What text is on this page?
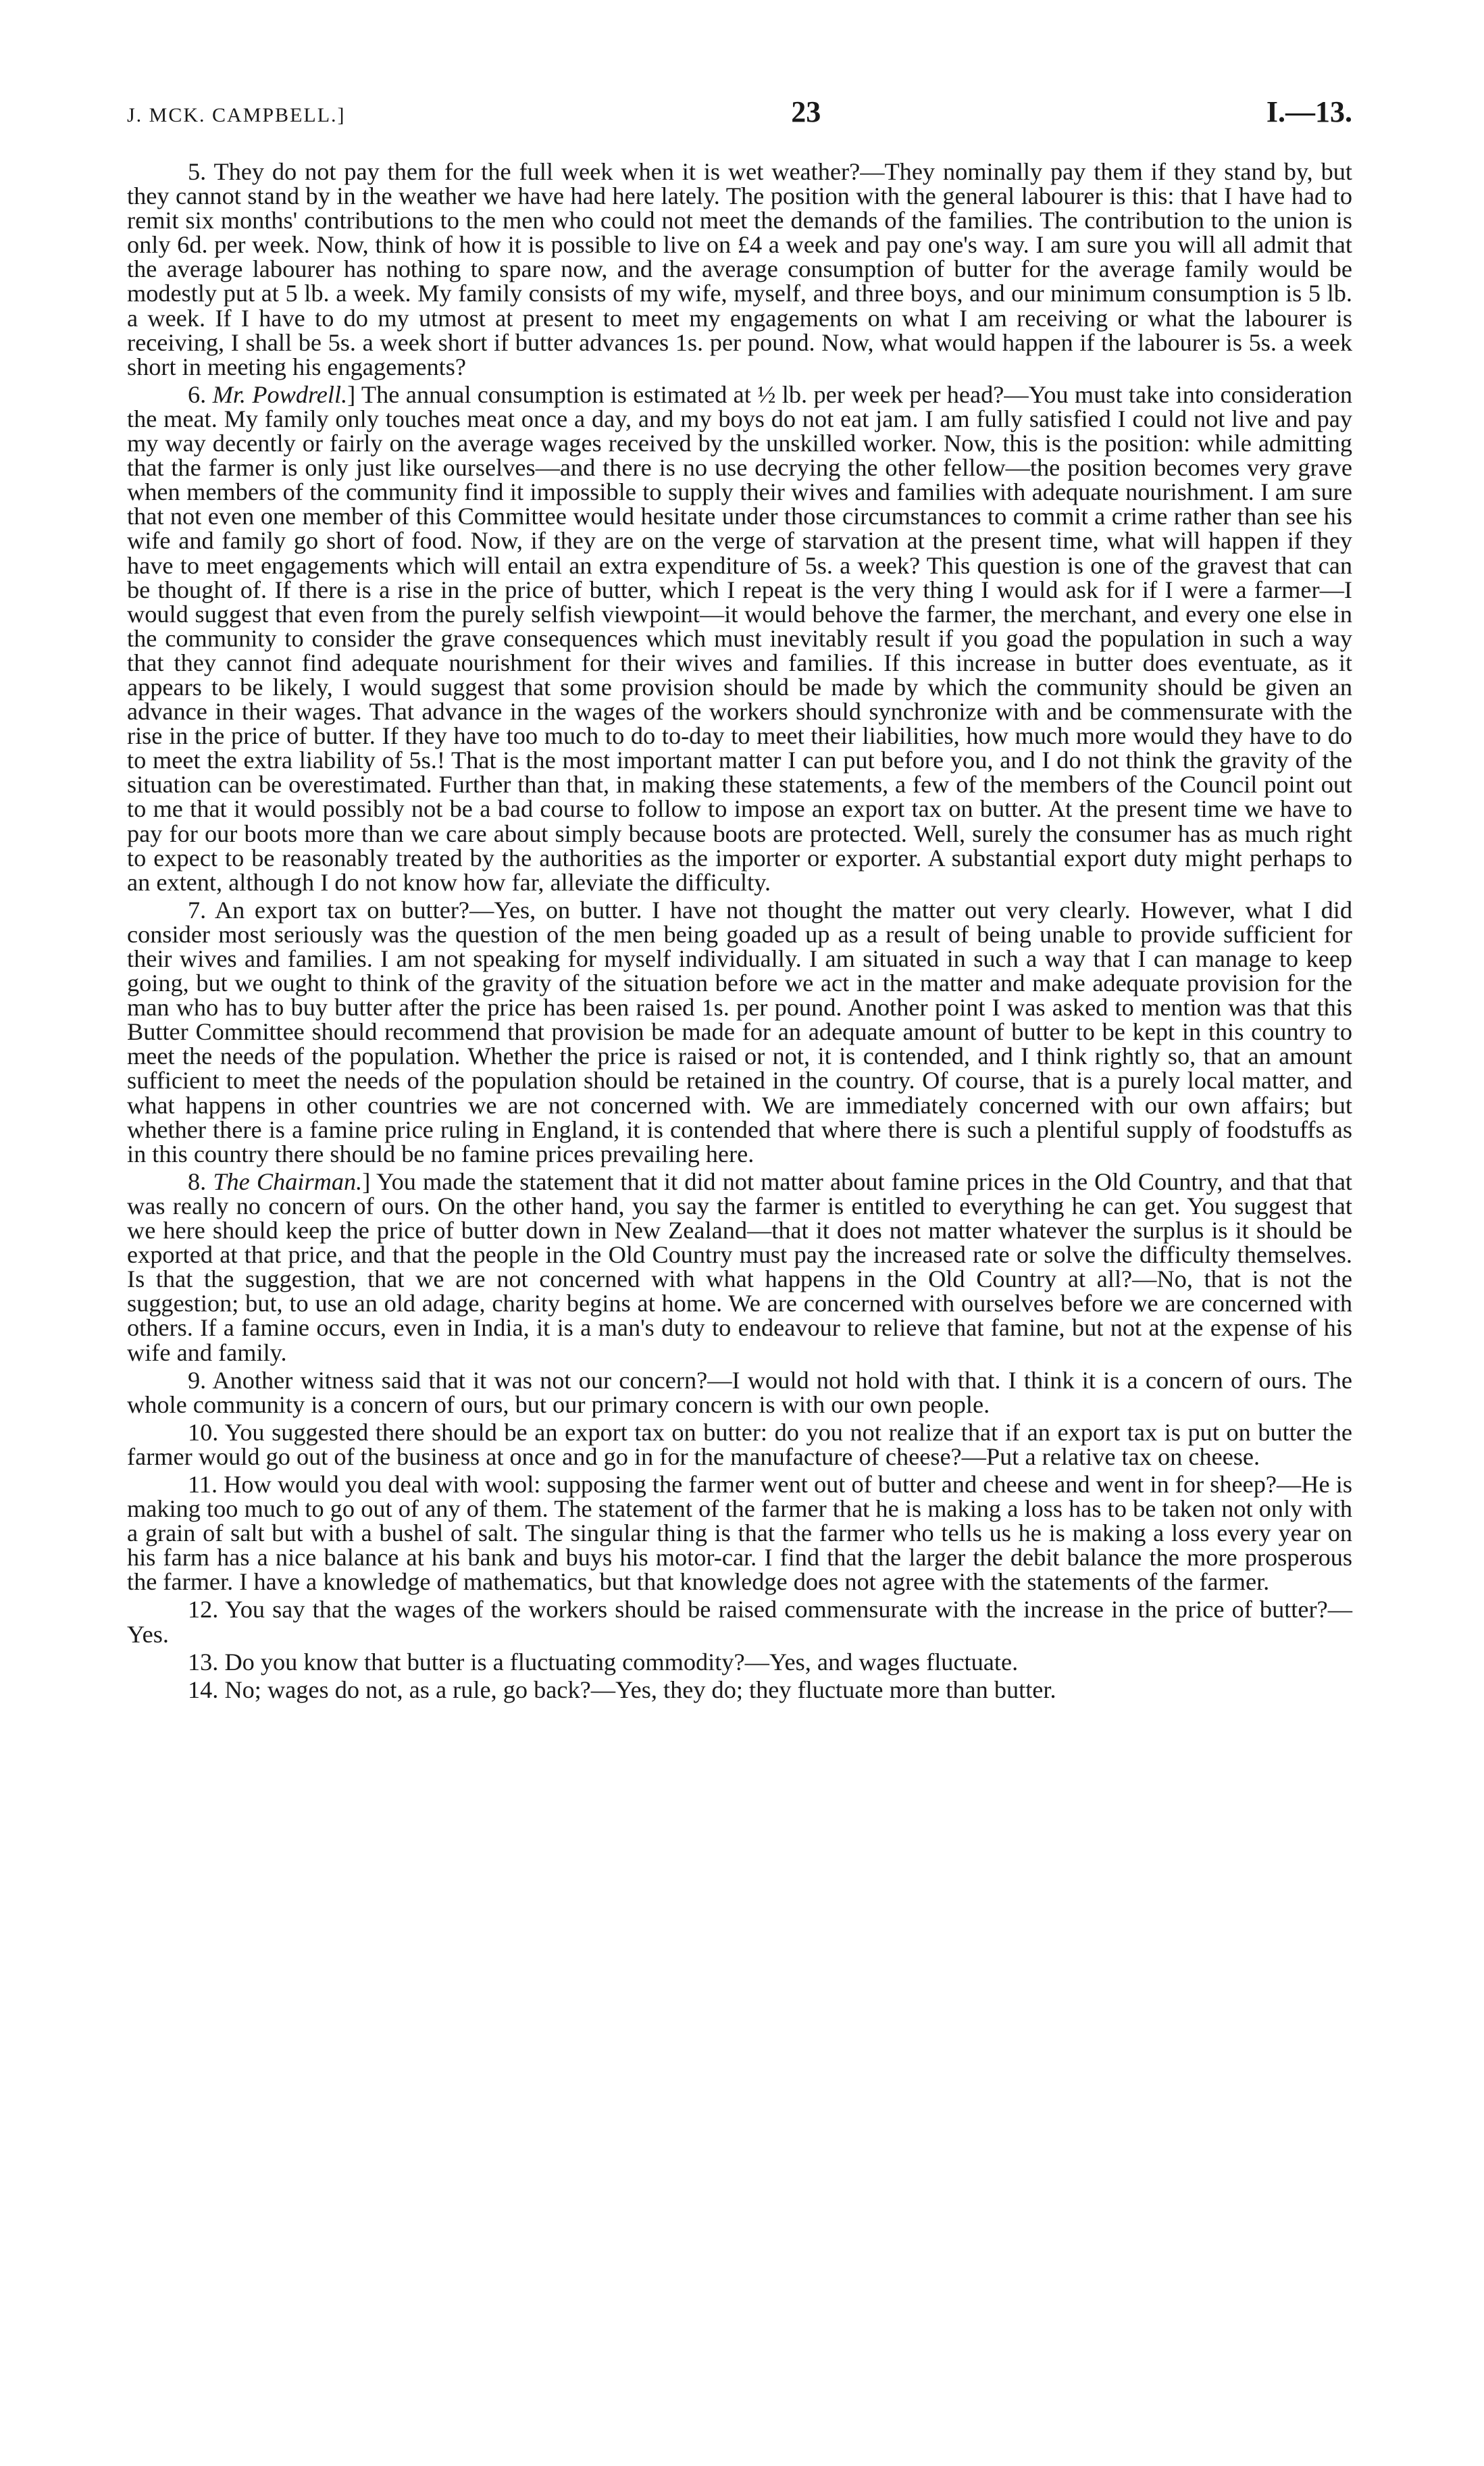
J. MCK. CAMPBELL.]	23	I.—13.

5. They do not pay them for the full week when it is wet weather?—They nominally pay them if they stand by, but they cannot stand by in the weather we have had here lately. The position with the general labourer is this: that I have had to remit six months' contributions to the men who could not meet the demands of the families. The contribution to the union is only 6d. per week. Now, think of how it is possible to live on £4 a week and pay one's way. I am sure you will all admit that the average labourer has nothing to spare now, and the average consumption of butter for the average family would be modestly put at 5 lb. a week. My family consists of my wife, myself, and three boys, and our minimum consumption is 5 lb. a week. If I have to do my utmost at present to meet my engagements on what I am receiving or what the labourer is receiving, I shall be 5s. a week short if butter advances 1s. per pound. Now, what would happen if the labourer is 5s. a week short in meeting his engagements?

6. Mr. Powdrell.] The annual consumption is estimated at ½ lb. per week per head?—You must take into consideration the meat. My family only touches meat once a day, and my boys do not eat jam. I am fully satisfied I could not live and pay my way decently or fairly on the average wages received by the unskilled worker. Now, this is the position: while admitting that the farmer is only just like ourselves—and there is no use decrying the other fellow—the position becomes very grave when members of the community find it impossible to supply their wives and families with adequate nourishment. I am sure that not even one member of this Committee would hesitate under those circumstances to commit a crime rather than see his wife and family go short of food. Now, if they are on the verge of starvation at the present time, what will happen if they have to meet engagements which will entail an extra expenditure of 5s. a week? This question is one of the gravest that can be thought of. If there is a rise in the price of butter, which I repeat is the very thing I would ask for if I were a farmer—I would suggest that even from the purely selfish viewpoint—it would behove the farmer, the merchant, and every one else in the community to consider the grave consequences which must inevitably result if you goad the population in such a way that they cannot find adequate nourishment for their wives and families. If this increase in butter does eventuate, as it appears to be likely, I would suggest that some provision should be made by which the community should be given an advance in their wages. That advance in the wages of the workers should synchronize with and be commensurate with the rise in the price of butter. If they have too much to do to-day to meet their liabilities, how much more would they have to do to meet the extra liability of 5s.! That is the most important matter I can put before you, and I do not think the gravity of the situation can be overestimated. Further than that, in making these statements, a few of the members of the Council point out to me that it would possibly not be a bad course to follow to impose an export tax on butter. At the present time we have to pay for our boots more than we care about simply because boots are protected. Well, surely the consumer has as much right to expect to be reasonably treated by the authorities as the importer or exporter. A substantial export duty might perhaps to an extent, although I do not know how far, alleviate the difficulty.

7. An export tax on butter?—Yes, on butter. I have not thought the matter out very clearly. However, what I did consider most seriously was the question of the men being goaded up as a result of being unable to provide sufficient for their wives and families. I am not speaking for myself individually. I am situated in such a way that I can manage to keep going, but we ought to think of the gravity of the situation before we act in the matter and make adequate provision for the man who has to buy butter after the price has been raised 1s. per pound. Another point I was asked to mention was that this Butter Committee should recommend that provision be made for an adequate amount of butter to be kept in this country to meet the needs of the population. Whether the price is raised or not, it is contended, and I think rightly so, that an amount sufficient to meet the needs of the population should be retained in the country. Of course, that is a purely local matter, and what happens in other countries we are not concerned with. We are immediately concerned with our own affairs; but whether there is a famine price ruling in England, it is contended that where there is such a plentiful supply of foodstuffs as in this country there should be no famine prices prevailing here.

8. The Chairman.] You made the statement that it did not matter about famine prices in the Old Country, and that that was really no concern of ours. On the other hand, you say the farmer is entitled to everything he can get. You suggest that we here should keep the price of butter down in New Zealand—that it does not matter whatever the surplus is it should be exported at that price, and that the people in the Old Country must pay the increased rate or solve the difficulty themselves. Is that the suggestion, that we are not concerned with what happens in the Old Country at all?—No, that is not the suggestion; but, to use an old adage, charity begins at home. We are concerned with ourselves before we are concerned with others. If a famine occurs, even in India, it is a man's duty to endeavour to relieve that famine, but not at the expense of his wife and family.

9. Another witness said that it was not our concern?—I would not hold with that. I think it is a concern of ours. The whole community is a concern of ours, but our primary concern is with our own people.

10. You suggested there should be an export tax on butter: do you not realize that if an export tax is put on butter the farmer would go out of the business at once and go in for the manufacture of cheese?—Put a relative tax on cheese.

11. How would you deal with wool: supposing the farmer went out of butter and cheese and went in for sheep?—He is making too much to go out of any of them. The statement of the farmer that he is making a loss has to be taken not only with a grain of salt but with a bushel of salt. The singular thing is that the farmer who tells us he is making a loss every year on his farm has a nice balance at his bank and buys his motor-car. I find that the larger the debit balance the more prosperous the farmer. I have a knowledge of mathematics, but that knowledge does not agree with the statements of the farmer.

12. You say that the wages of the workers should be raised commensurate with the increase in the price of butter?—Yes.

13. Do you know that butter is a fluctuating commodity?—Yes, and wages fluctuate.

14. No; wages do not, as a rule, go back?—Yes, they do; they fluctuate more than butter.
